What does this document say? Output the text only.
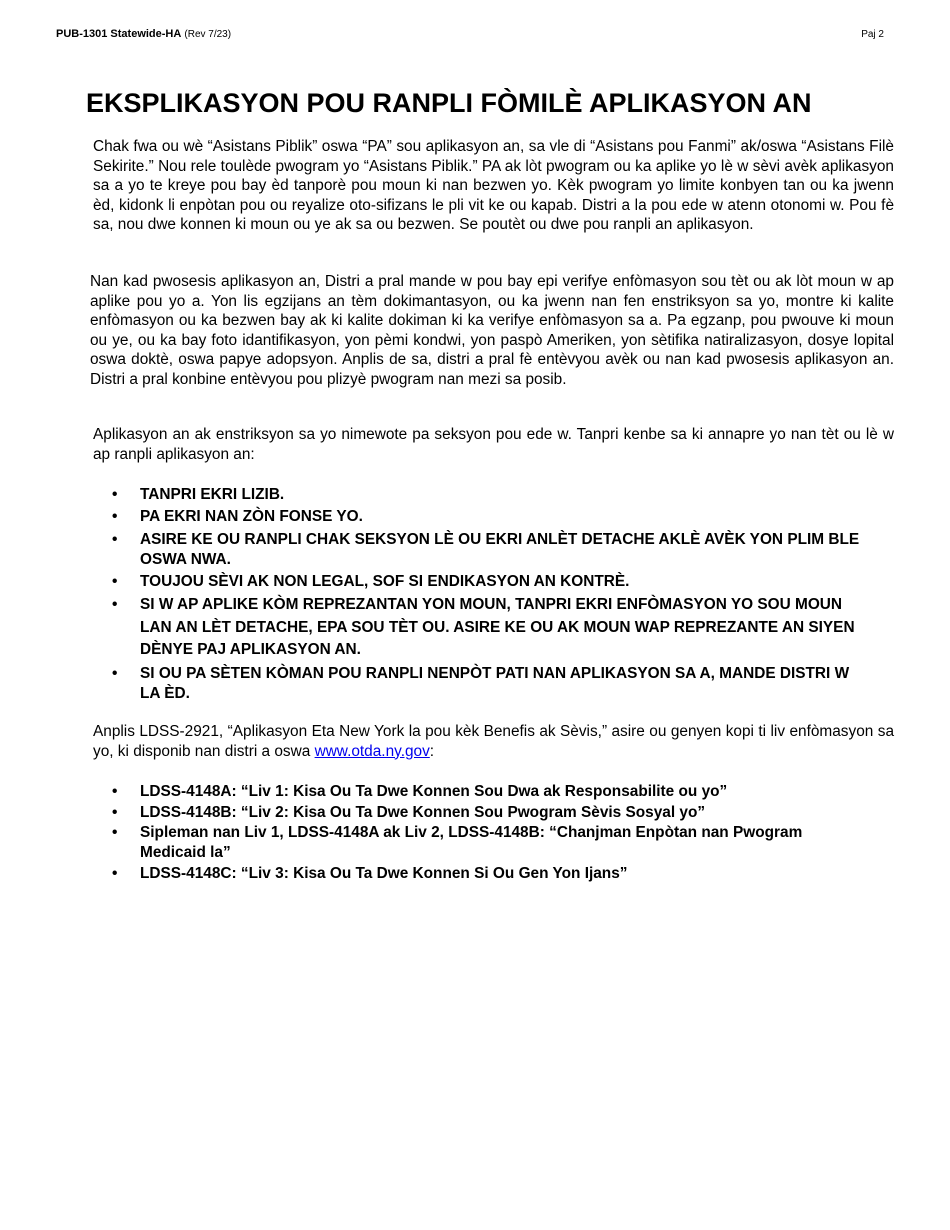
PUB-1301 Statewide-HA (Rev 7/23)	Paj 2
EKSPLIKASYON POU RANPLI FÒMILÈ APLIKASYON AN

Chak fwa ou wè “Asistans Piblik” oswa “PA” sou aplikasyon an, sa vle di “Asistans pou Fanmi” ak/oswa “Asistans Filè Sekirite.” Nou rele toulède pwogram yo “Asistans Piblik.” PA ak lòt pwogram ou ka aplike yo lè w sèvi avèk aplikasyon sa a yo te kreye pou bay èd tanporè pou moun ki nan bezwen yo. Kèk pwogram yo limite konbyen tan ou ka jwenn èd, kidonk li enpòtan pou ou reyalize oto-sifizans le pli vit ke ou kapab. Distri a la pou ede w atenn otonomi w. Pou fè sa, nou dwe konnen ki moun ou ye ak sa ou bezwen. Se poutèt ou dwe pou ranpli an aplikasyon.

Nan kad pwosesis aplikasyon an, Distri a pral mande w pou bay epi verifye enfòmasyon sou tèt ou ak lòt moun w ap aplike pou yo a. Yon lis egzijans an tèm dokimantasyon, ou ka jwenn nan fen enstriksyon sa yo, montre ki kalite enfòmasyon ou ka bezwen bay ak ki kalite dokiman ki ka verifye enfòmasyon sa a. Pa egzanp, pou pwouve ki moun ou ye, ou ka bay foto idantifikasyon, yon pèmi kondwi, yon paspò Ameriken, yon sètifika natiralizasyon, dosye lopital oswa doktè, oswa papye adopsyon. Anplis de sa, distri a pral fè entèvyou avèk ou nan kad pwosesis aplikasyon an. Distri a pral konbine entèvyou pou plizyè pwogram nan mezi sa posib.

Aplikasyon an ak enstriksyon sa yo nimewote pa seksyon pou ede w. Tanpri kenbe sa ki annapre yo nan tèt ou lè w ap ranpli aplikasyon an:

• TANPRI EKRI LIZIB.
• PA EKRI NAN ZÒN FONSE YO.
• ASIRE KE OU RANPLI CHAK SEKSYON LÈ OU EKRI ANLÈT DETACHE AKLÈ AVÈK YON PLIM BLE OSWA NWA.
• TOUJOU SÈVI AK NON LEGAL, SOF SI ENDIKASYON AN KONTRÈ.
• SI W AP APLIKE KÒM REPREZANTAN YON MOUN, TANPRI EKRI ENFÒMASYON YO SOU MOUN LAN AN LÈT DETACHE, EPA SOU TÈT OU. ASIRE KE OU AK MOUN WAP REPREZANTE AN SIYEN DÈNYE PAJ APLIKASYON AN.
• SI OU PA SÈTEN KÒMAN POU RANPLI NENPÒT PATI NAN APLIKASYON SA A, MANDE DISTRI W LA ÈD.

Anplis LDSS-2921, “Aplikasyon Eta New York la pou kèk Benefis ak Sèvis,” asire ou genyen kopi ti liv enfòmasyon sa yo, ki disponib nan distri a oswa www.otda.ny.gov:

• LDSS-4148A: “Liv 1: Kisa Ou Ta Dwe Konnen Sou Dwa ak Responsabilite ou yo”
• LDSS-4148B: “Liv 2: Kisa Ou Ta Dwe Konnen Sou Pwogram Sèvis Sosyal yo”
• Sipleman nan Liv 1, LDSS-4148A ak Liv 2, LDSS-4148B: “Chanjman Enpòtan nan Pwogram Medicaid la”
• LDSS-4148C: “Liv 3: Kisa Ou Ta Dwe Konnen Si Ou Gen Yon Ijans”
